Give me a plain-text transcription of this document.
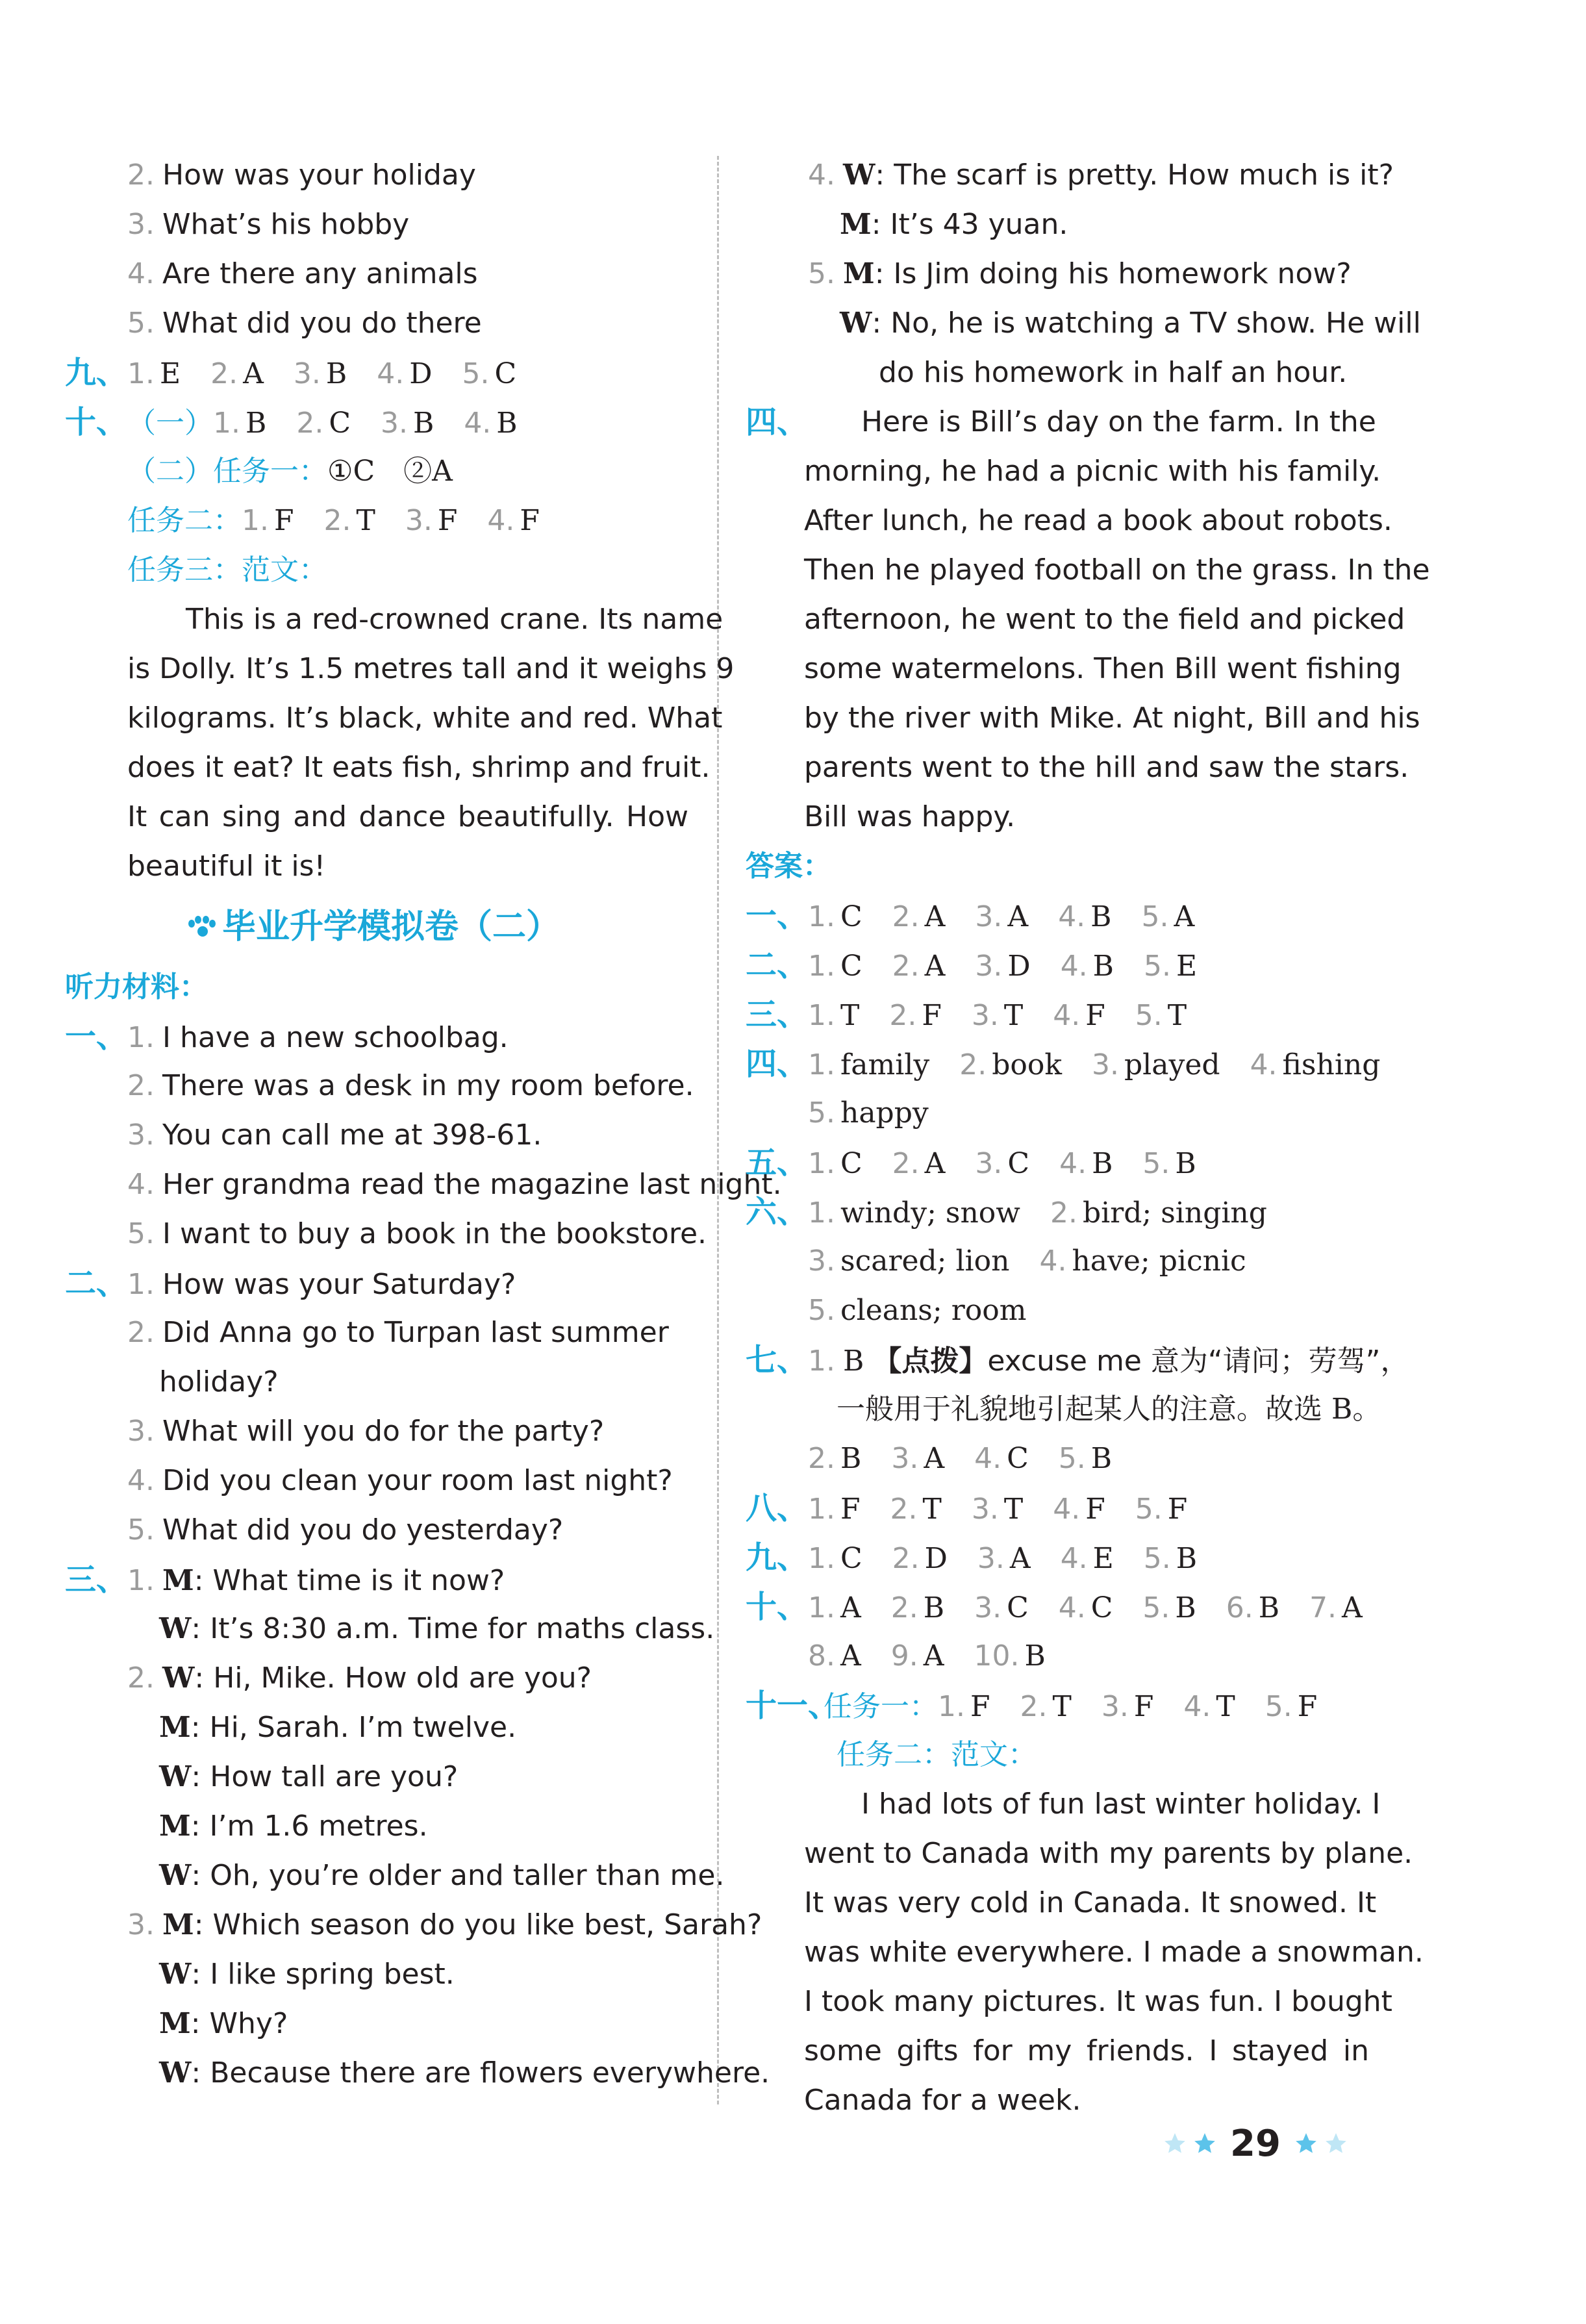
2. How was your holiday
3. What’s his hobby
4. Are there any animals
5. What did you do there
九、1. E 2. A 3. B 4. D 5. C
十、（一）1. B 2. C 3. B 4. B
（二）任务一：①C　②A
任务二：1. F 2. T 3. F 4. F
任务三：范文：
This is a red-crowned crane. Its name
is Dolly. It’s 1.5 metres tall and it weighs 9
kilograms. It’s black, white and red. What
does it eat? It eats fish, shrimp and fruit.
It can sing and dance beautifully. How
beautiful it is!
毕业升学模拟卷（二）
听力材料：
一、1. I have a new schoolbag.
2. There was a desk in my room before.
3. You can call me at 398-61.
4. Her grandma read the magazine last night.
5. I want to buy a book in the bookstore.
二、1. How was your Saturday?
2. Did Anna go to Turpan last summer
holiday?
3. What will you do for the party?
4. Did you clean your room last night?
5. What did you do yesterday?
三、1. M: What time is it now?
W: It’s 8:30 a.m. Time for maths class.
2. W: Hi, Mike. How old are you?
M: Hi, Sarah. I’m twelve.
W: How tall are you?
M: I’m 1.6 metres.
W: Oh, you’re older and taller than me.
3. M: Which season do you like best, Sarah?
W: I like spring best.
M: Why?
W: Because there are flowers everywhere.
4. W: The scarf is pretty. How much is it?
M: It’s 43 yuan.
5. M: Is Jim doing his homework now?
W: No, he is watching a TV show. He will
do his homework in half an hour.
四、	Here is Bill’s day on the farm. In the
morning, he had a picnic with his family.
After lunch, he read a book about robots.
Then he played football on the grass. In the
afternoon, he went to the field and picked
some watermelons. Then Bill went fishing
by the river with Mike. At night, Bill and his
parents went to the hill and saw the stars.
Bill was happy.
答案：
一、1. C 2. A 3. A 4. B 5. A
二、1. C 2. A 3. D 4. B 5. E
三、1. T 2. F 3. T 4. F 5. T
四、1. family 2. book 3. played 4. fishing
5. happy
五、1. C 2. A 3. C 4. B 5. B
六、1. windy; snow 2. bird; singing
3. scared; lion 4. have; picnic
5. cleans; room
七、1. B 【点拨】excuse me 意为“请问；劳驾”，
一般用于礼貌地引起某人的注意。故选 B。
2. B 3. A 4. C 5. B
八、1. F 2. T 3. T 4. F 5. F
九、1. C 2. D 3. A 4. E 5. B
十、1. A 2. B 3. C 4. C 5. B 6. B 7. A
8. A 9. A 10. B
十一、任务一：1. F 2. T 3. F 4. T 5. F
任务二：范文：
I had lots of fun last winter holiday. I
went to Canada with my parents by plane.
It was very cold in Canada. It snowed. It
was white everywhere. I made a snowman.
I took many pictures. It was fun. I bought
some gifts for my friends. I stayed in
Canada for a week.
29
